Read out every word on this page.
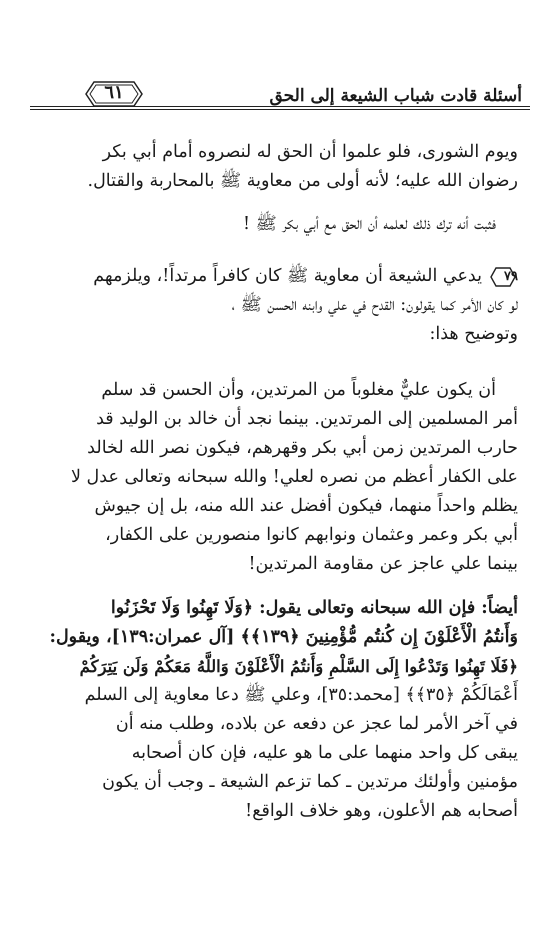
٦١	أسئلة قادت شباب الشيعة إلى الحق
ويوم الشورى، فلو علموا أن الحق له لنصروه أمام أبي بكر
رضوان الله عليه؛ لأنه أولى من معاوية ﷺ بالمحاربة والقتال.
فثبت أنه ترك ذلك لعلمه أن الحق مع أبي بكر ﷺ !
٧٩
يدعي الشيعة أن معاوية ﷺ كان كافراً مرتداً!، ويلزمهم
لو كان الأمر كما يقولون: القدح في علي وابنه الحسن ﷺ ،
وتوضيح هذا:
أن يكون عليٌّ مغلوباً من المرتدين، وأن الحسن قد سلم
أمر المسلمين إلى المرتدين. بينما نجد أن خالد بن الوليد قد
حارب المرتدين زمن أبي بكر وقهرهم، فيكون نصر الله لخالد
على الكفار أعظم من نصره لعلي! والله سبحانه وتعالى عدل لا
يظلم واحداً منهما، فيكون أفضل عند الله منه، بل إن جيوش
أبي بكر وعمر وعثمان ونوابهم كانوا منصورين على الكفار،
بينما علي عاجز عن مقاومة المرتدين!
أيضاً: فإن الله سبحانه وتعالى يقول: ﴿وَلَا تَهِنُوا وَلَا تَحْزَنُوا
وَأَنتُمُ الْأَعْلَوْنَ إِن كُنتُم مُّؤْمِنِينَ ﴿١٣٩﴾﴾ [آل عمران:١٣٩]، ويقول:
﴿فَلَا تَهِنُوا وَتَدْعُوا إِلَى السَّلْمِ وَأَنتُمُ الْأَعْلَوْنَ وَاللَّهُ مَعَكُمْ وَلَن يَتِرَكُمْ
أَعْمَالَكُمْ ﴿٣٥﴾﴾ [محمد:٣٥]، وعلي ﷺ دعا معاوية إلى السلم
في آخر الأمر لما عجز عن دفعه عن بلاده، وطلب منه أن
يبقى كل واحد منهما على ما هو عليه، فإن كان أصحابه
مؤمنين وأولئك مرتدين ـ كما تزعم الشيعة ـ وجب أن يكون
أصحابه هم الأعلون، وهو خلاف الواقع!
